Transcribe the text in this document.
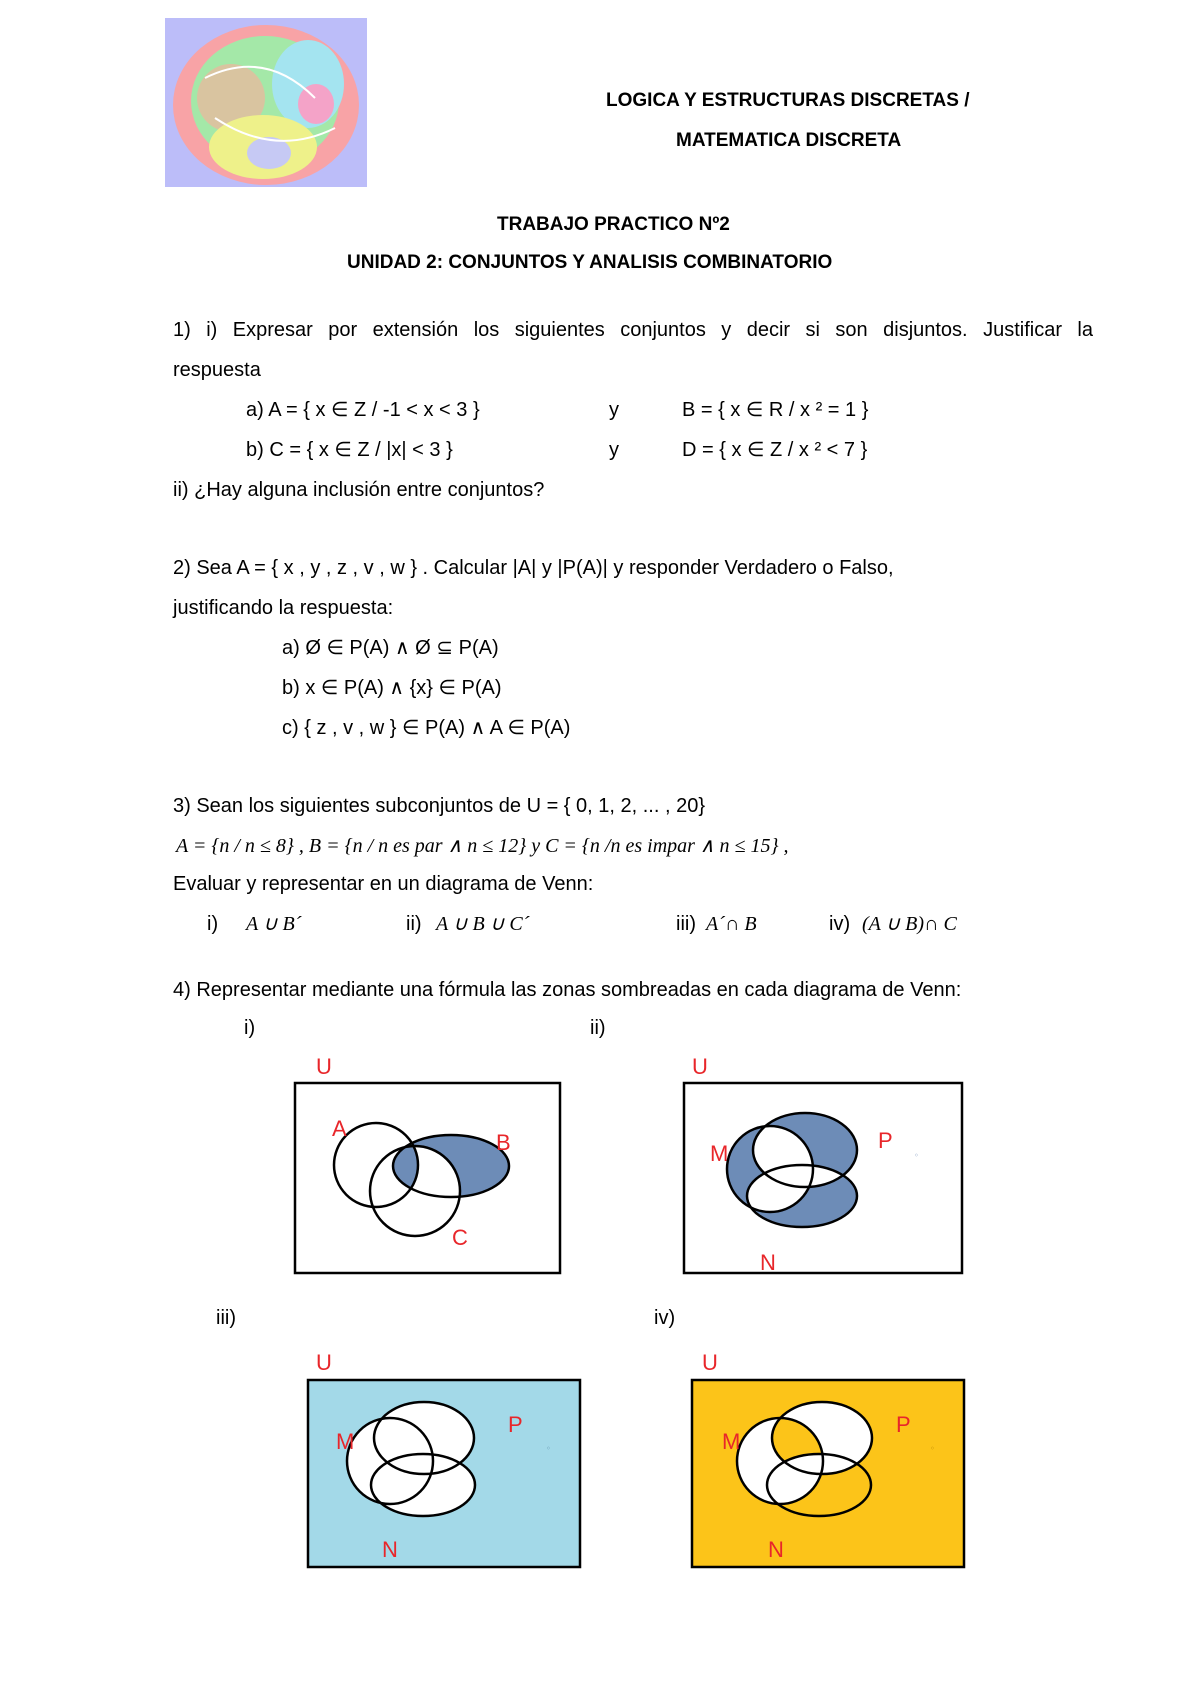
LOGICA Y ESTRUCTURAS DISCRETAS /
MATEMATICA DISCRETA
TRABAJO PRACTICO Nº2
UNIDAD 2: CONJUNTOS Y ANALISIS COMBINATORIO
1) i) Expresar por extensión los siguientes conjuntos y decir si son disjuntos. Justificar la
respuesta
a) A = { x ∈ Z / -1 < x < 3 }	y	B = { x ∈ R / x ² = 1 }
b) C = { x ∈ Z / |x| < 3 }	y	D = { x ∈ Z / x ² < 7 }
ii) ¿Hay alguna inclusión entre conjuntos?
2) Sea A = { x , y , z , v , w } . Calcular |A| y |P(A)| y responder Verdadero o Falso,
justificando la respuesta:
a) Ø ∈ P(A) ∧ Ø ⊆ P(A)
b) x ∈ P(A) ∧ {x} ∈ P(A)
c) { z , v , w } ∈ P(A) ∧ A ∈ P(A)
3) Sean los siguientes subconjuntos de U = { 0, 1, 2, ... , 20}
A = {n / n ≤ 8} , B = {n / n es par ∧ n ≤ 12} y C = {n /n es impar ∧ n ≤ 15} ,
Evaluar y representar en un diagrama de Venn:
i) A ∪ B´	ii) A ∪ B ∪ C´	iii) A´∩ B	iv) (A ∪ B)∩ C
4) Representar mediante una fórmula las zonas sombreadas en cada diagrama de Venn:
i)	ii)
iii)	iv)
U
A
B
C
U
M
P
N
◦
U
M
P
N
◦
U
M
P
N
◦
